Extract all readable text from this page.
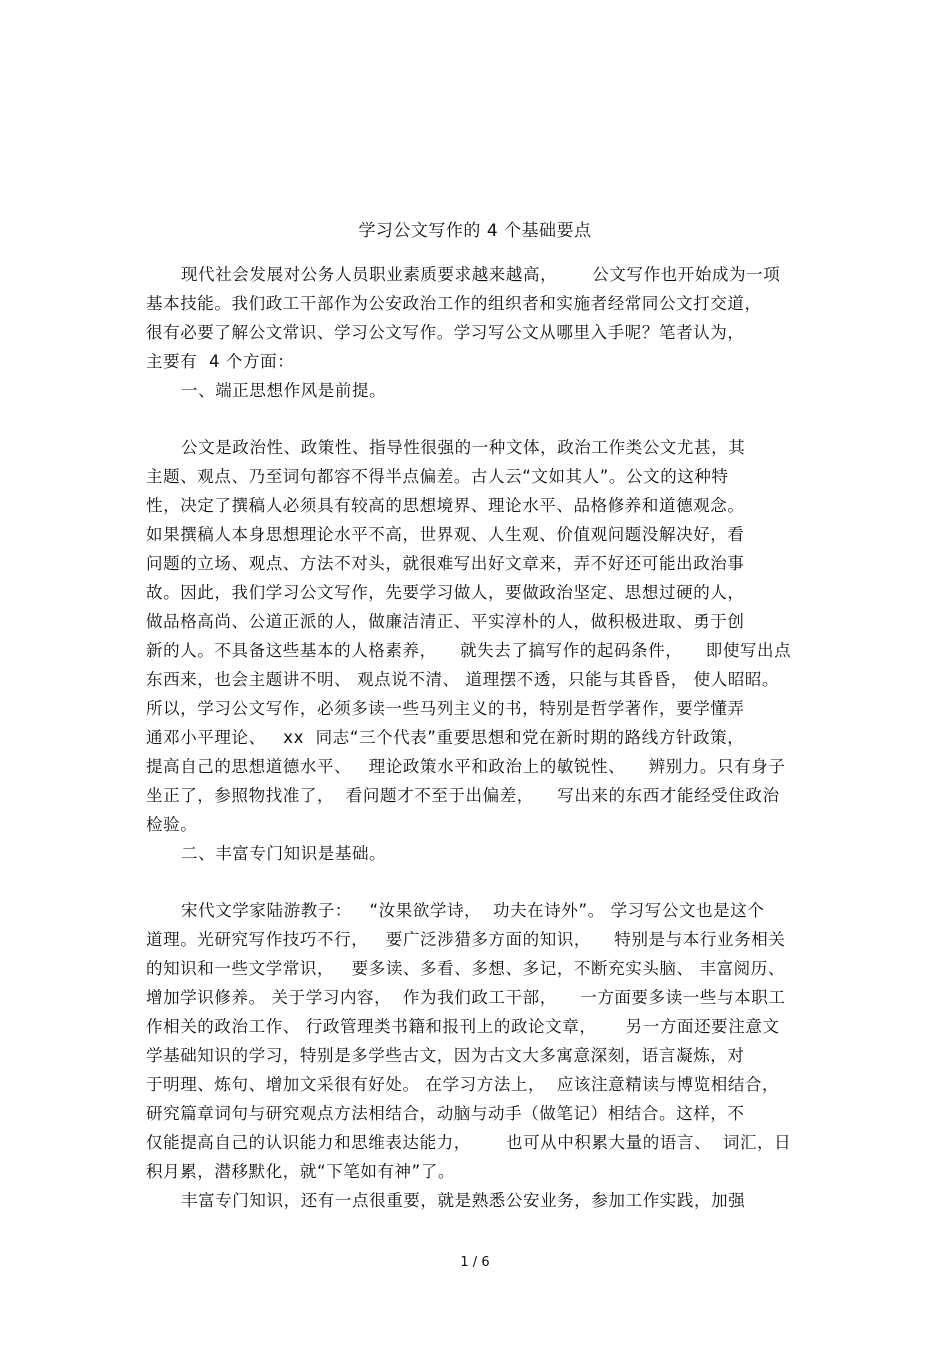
学习公文写作的 4 个基础要点
现代社会发展对公务人员职业素质要求越来越高，      公文写作也开始成为一项
基本技能。我们政工干部作为公安政治工作的组织者和实施者经常同公文打交道，
很有必要了解公文常识、学习公文写作。学习写公文从哪里入手呢？笔者认为，
主要有  4 个方面：
一、端正思想作风是前提。
公文是政治性、政策性、指导性很强的一种文体，政治工作类公文尤甚，其
主题、观点、乃至词句都容不得半点偏差。古人云“文如其人”。公文的这种特
性，决定了撰稿人必须具有较高的思想境界、理论水平、品格修养和道德观念。
如果撰稿人本身思想理论水平不高，世界观、人生观、价值观问题没解决好，看
问题的立场、观点、方法不对头，就很难写出好文章来，弄不好还可能出政治事
故。因此，我们学习公文写作，先要学习做人，要做政治坚定、思想过硬的人，
做品格高尚、公道正派的人，做廉洁清正、平实淳朴的人，做积极进取、勇于创
新的人。不具备这些基本的人格素养，    就失去了搞写作的起码条件，    即使写出点
东西来，也会主题讲不明、 观点说不清、 道理摆不透，只能与其昏昏， 使人昭昭。
所以，学习公文写作，必须多读一些马列主义的书，特别是哲学著作，要学懂弄
通邓小平理论、   xx  同志“三个代表”重要思想和党在新时期的路线方针政策，
提高自己的思想道德水平、   理论政策水平和政治上的敏锐性、    辨别力。只有身子
坐正了，参照物找准了，  看问题才不至于出偏差，    写出来的东西才能经受住政治
检验。
二、丰富专门知识是基础。
宋代文学家陆游教子：   “汝果欲学诗，  功夫在诗外”。 学习写公文也是这个
道理。光研究写作技巧不行，   要广泛涉猎多方面的知识，    特别是与本行业务相关
的知识和一些文学常识，   要多读、多看、多想、多记，不断充实头脑、 丰富阅历、
增加学识修养。 关于学习内容，  作为我们政工干部，    一方面要多读一些与本职工
作相关的政治工作、 行政管理类书籍和报刊上的政论文章，     另一方面还要注意文
学基础知识的学习，特别是多学些古文，因为古文大多寓意深刻，语言凝炼，对
于明理、炼句、增加文采很有好处。 在学习方法上，  应该注意精读与博览相结合，
研究篇章词句与研究观点方法相结合，动脑与动手（做笔记）相结合。这样，不
仅能提高自己的认识能力和思维表达能力，      也可从中积累大量的语言、  词汇，日
积月累，潜移默化，就“下笔如有神”了。
丰富专门知识，还有一点很重要，就是熟悉公安业务，参加工作实践，加强
1 / 6
